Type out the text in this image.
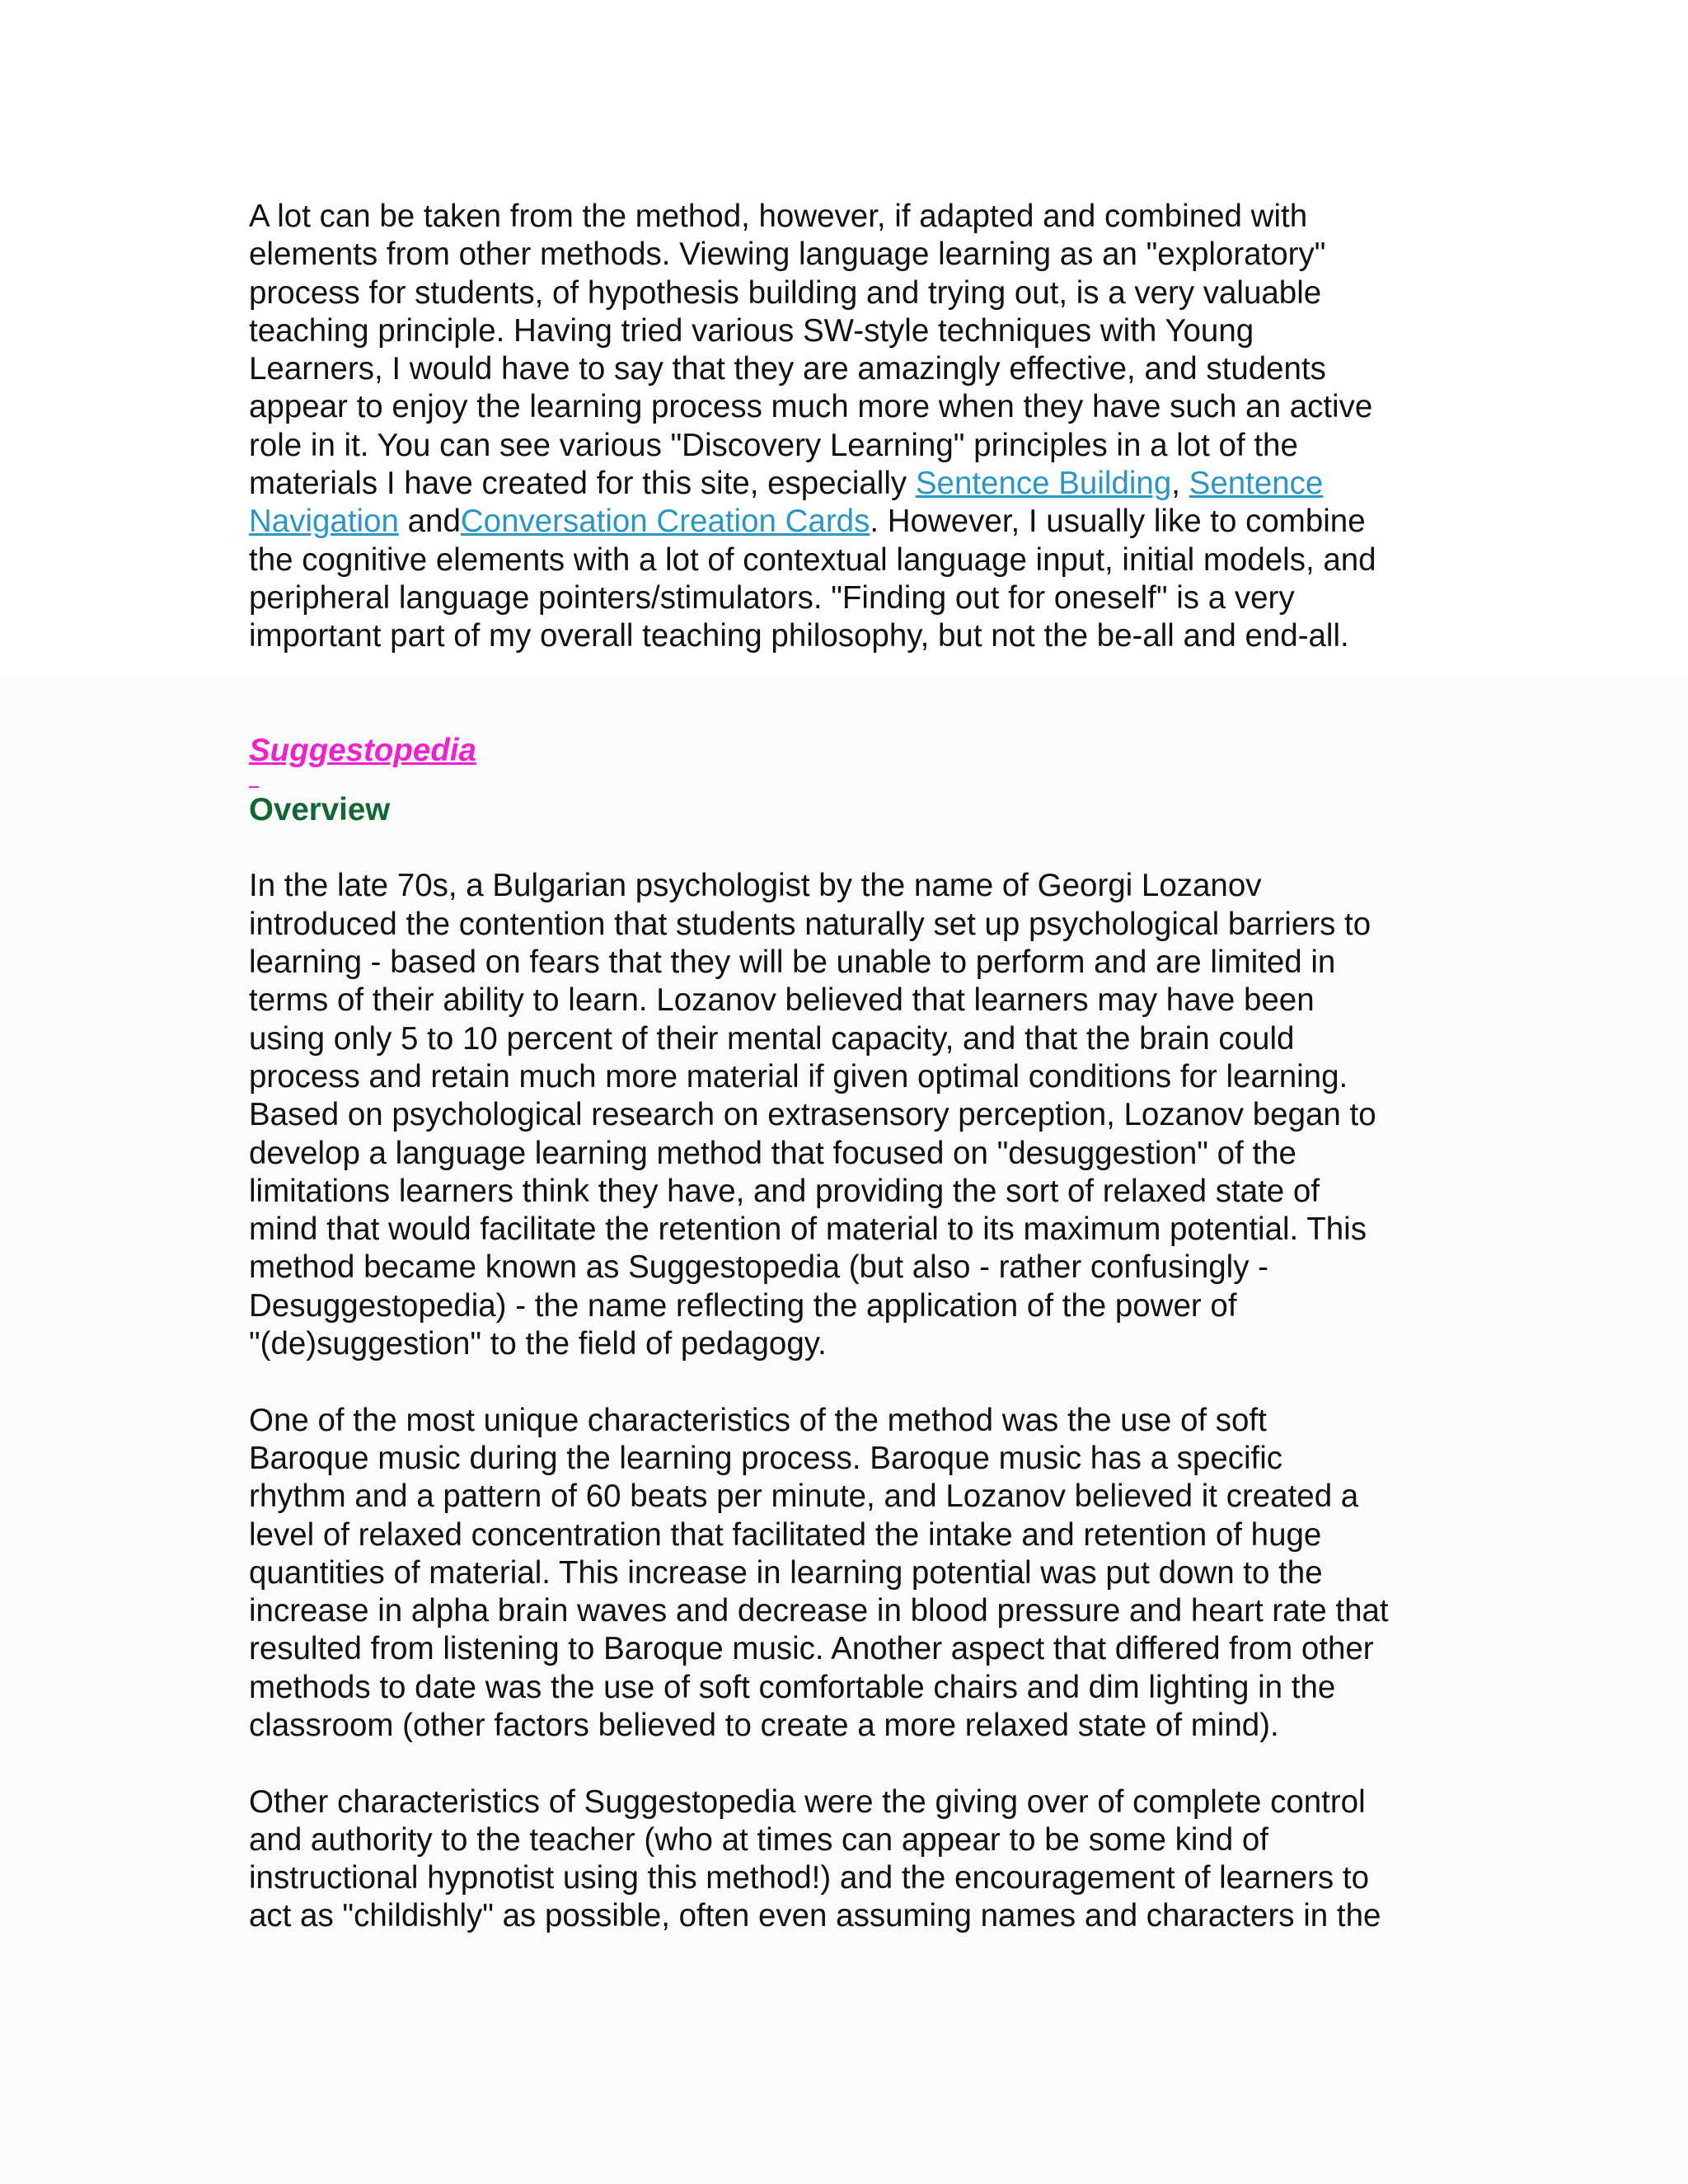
A lot can be taken from the method, however, if adapted and combined with
elements from other methods. Viewing language learning as an "exploratory"
process for students, of hypothesis building and trying out, is a very valuable
teaching principle. Having tried various SW-style techniques with Young
Learners, I would have to say that they are amazingly effective, and students
appear to enjoy the learning process much more when they have such an active
role in it. You can see various "Discovery Learning" principles in a lot of the
materials I have created for this site, especially Sentence Building, Sentence
Navigation andConversation Creation Cards. However, I usually like to combine
the cognitive elements with a lot of contextual language input, initial models, and
peripheral language pointers/stimulators. "Finding out for oneself" is a very
important part of my overall teaching philosophy, but not the be-all and end-all.

Suggestopedia
Overview

In the late 70s, a Bulgarian psychologist by the name of Georgi Lozanov
introduced the contention that students naturally set up psychological barriers to
learning - based on fears that they will be unable to perform and are limited in
terms of their ability to learn. Lozanov believed that learners may have been
using only 5 to 10 percent of their mental capacity, and that the brain could
process and retain much more material if given optimal conditions for learning.
Based on psychological research on extrasensory perception, Lozanov began to
develop a language learning method that focused on "desuggestion" of the
limitations learners think they have, and providing the sort of relaxed state of
mind that would facilitate the retention of material to its maximum potential. This
method became known as Suggestopedia (but also - rather confusingly -
Desuggestopedia) - the name reflecting the application of the power of
"(de)suggestion" to the field of pedagogy.

One of the most unique characteristics of the method was the use of soft
Baroque music during the learning process. Baroque music has a specific
rhythm and a pattern of 60 beats per minute, and Lozanov believed it created a
level of relaxed concentration that facilitated the intake and retention of huge
quantities of material. This increase in learning potential was put down to the
increase in alpha brain waves and decrease in blood pressure and heart rate that
resulted from listening to Baroque music. Another aspect that differed from other
methods to date was the use of soft comfortable chairs and dim lighting in the
classroom (other factors believed to create a more relaxed state of mind).

Other characteristics of Suggestopedia were the giving over of complete control
and authority to the teacher (who at times can appear to be some kind of
instructional hypnotist using this method!) and the encouragement of learners to
act as "childishly" as possible, often even assuming names and characters in the
